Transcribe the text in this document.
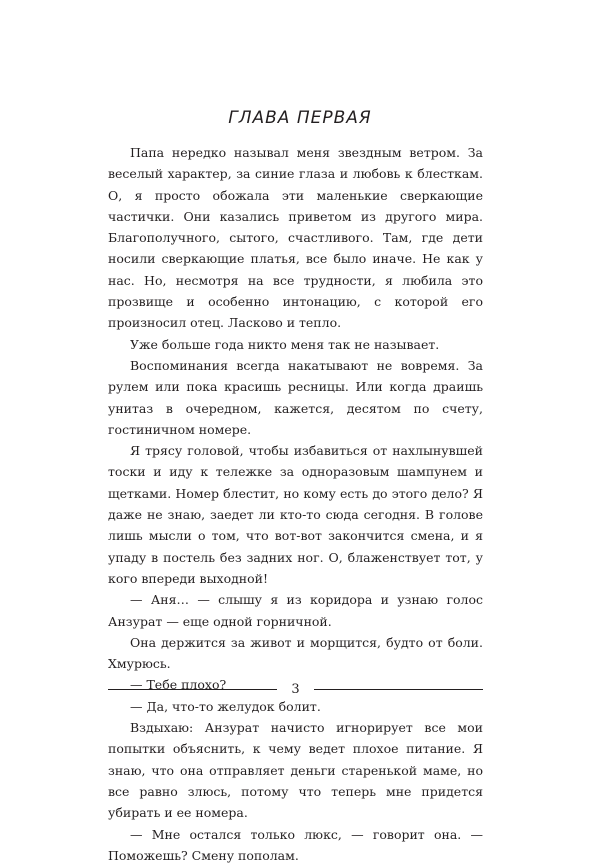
ГЛАВА ПЕРВАЯ

Папа нередко называл меня звездным ветром. За веселый характер, за синие глаза и любовь к блесткам. О, я просто обожала эти маленькие сверкающие частички. Они казались приветом из другого мира. Благополучного, сытого, счастливого. Там, где дети носили сверкающие платья, все было иначе. Не как у нас. Но, несмотря на все трудности, я любила это прозвище и особенно интонацию, с которой его произносил отец. Ласково и тепло.

Уже больше года никто меня так не называет.

Воспоминания всегда накатывают не вовремя. За рулем или пока красишь ресницы. Или когда драишь унитаз в очередном, кажется, десятом по счету, гостиничном номере.

Я трясу головой, чтобы избавиться от нахлынувшей тоски и иду к тележке за одноразовым шампунем и щетками. Номер блестит, но кому есть до этого дело? Я даже не знаю, заедет ли кто-то сюда сегодня. В голове лишь мысли о том, что вот-вот закончится смена, и я упаду в постель без задних ног. О, блаженствует тот, у кого впереди выходной!

— Аня… — слышу я из коридора и узнаю голос Анзурат — еще одной горничной.

Она держится за живот и морщится, будто от боли. Хмурюсь.

— Тебе плохо?

— Да, что-то желудок болит.

Вздыхаю: Анзурат начисто игнорирует все мои попытки объяснить, к чему ведет плохое питание. Я знаю, что она отправляет деньги старенькой маме, но все равно злюсь, потому что теперь мне придется убирать и ее номера.

— Мне остался только люкс, — говорит она. — Поможешь? Смену пополам.

3
